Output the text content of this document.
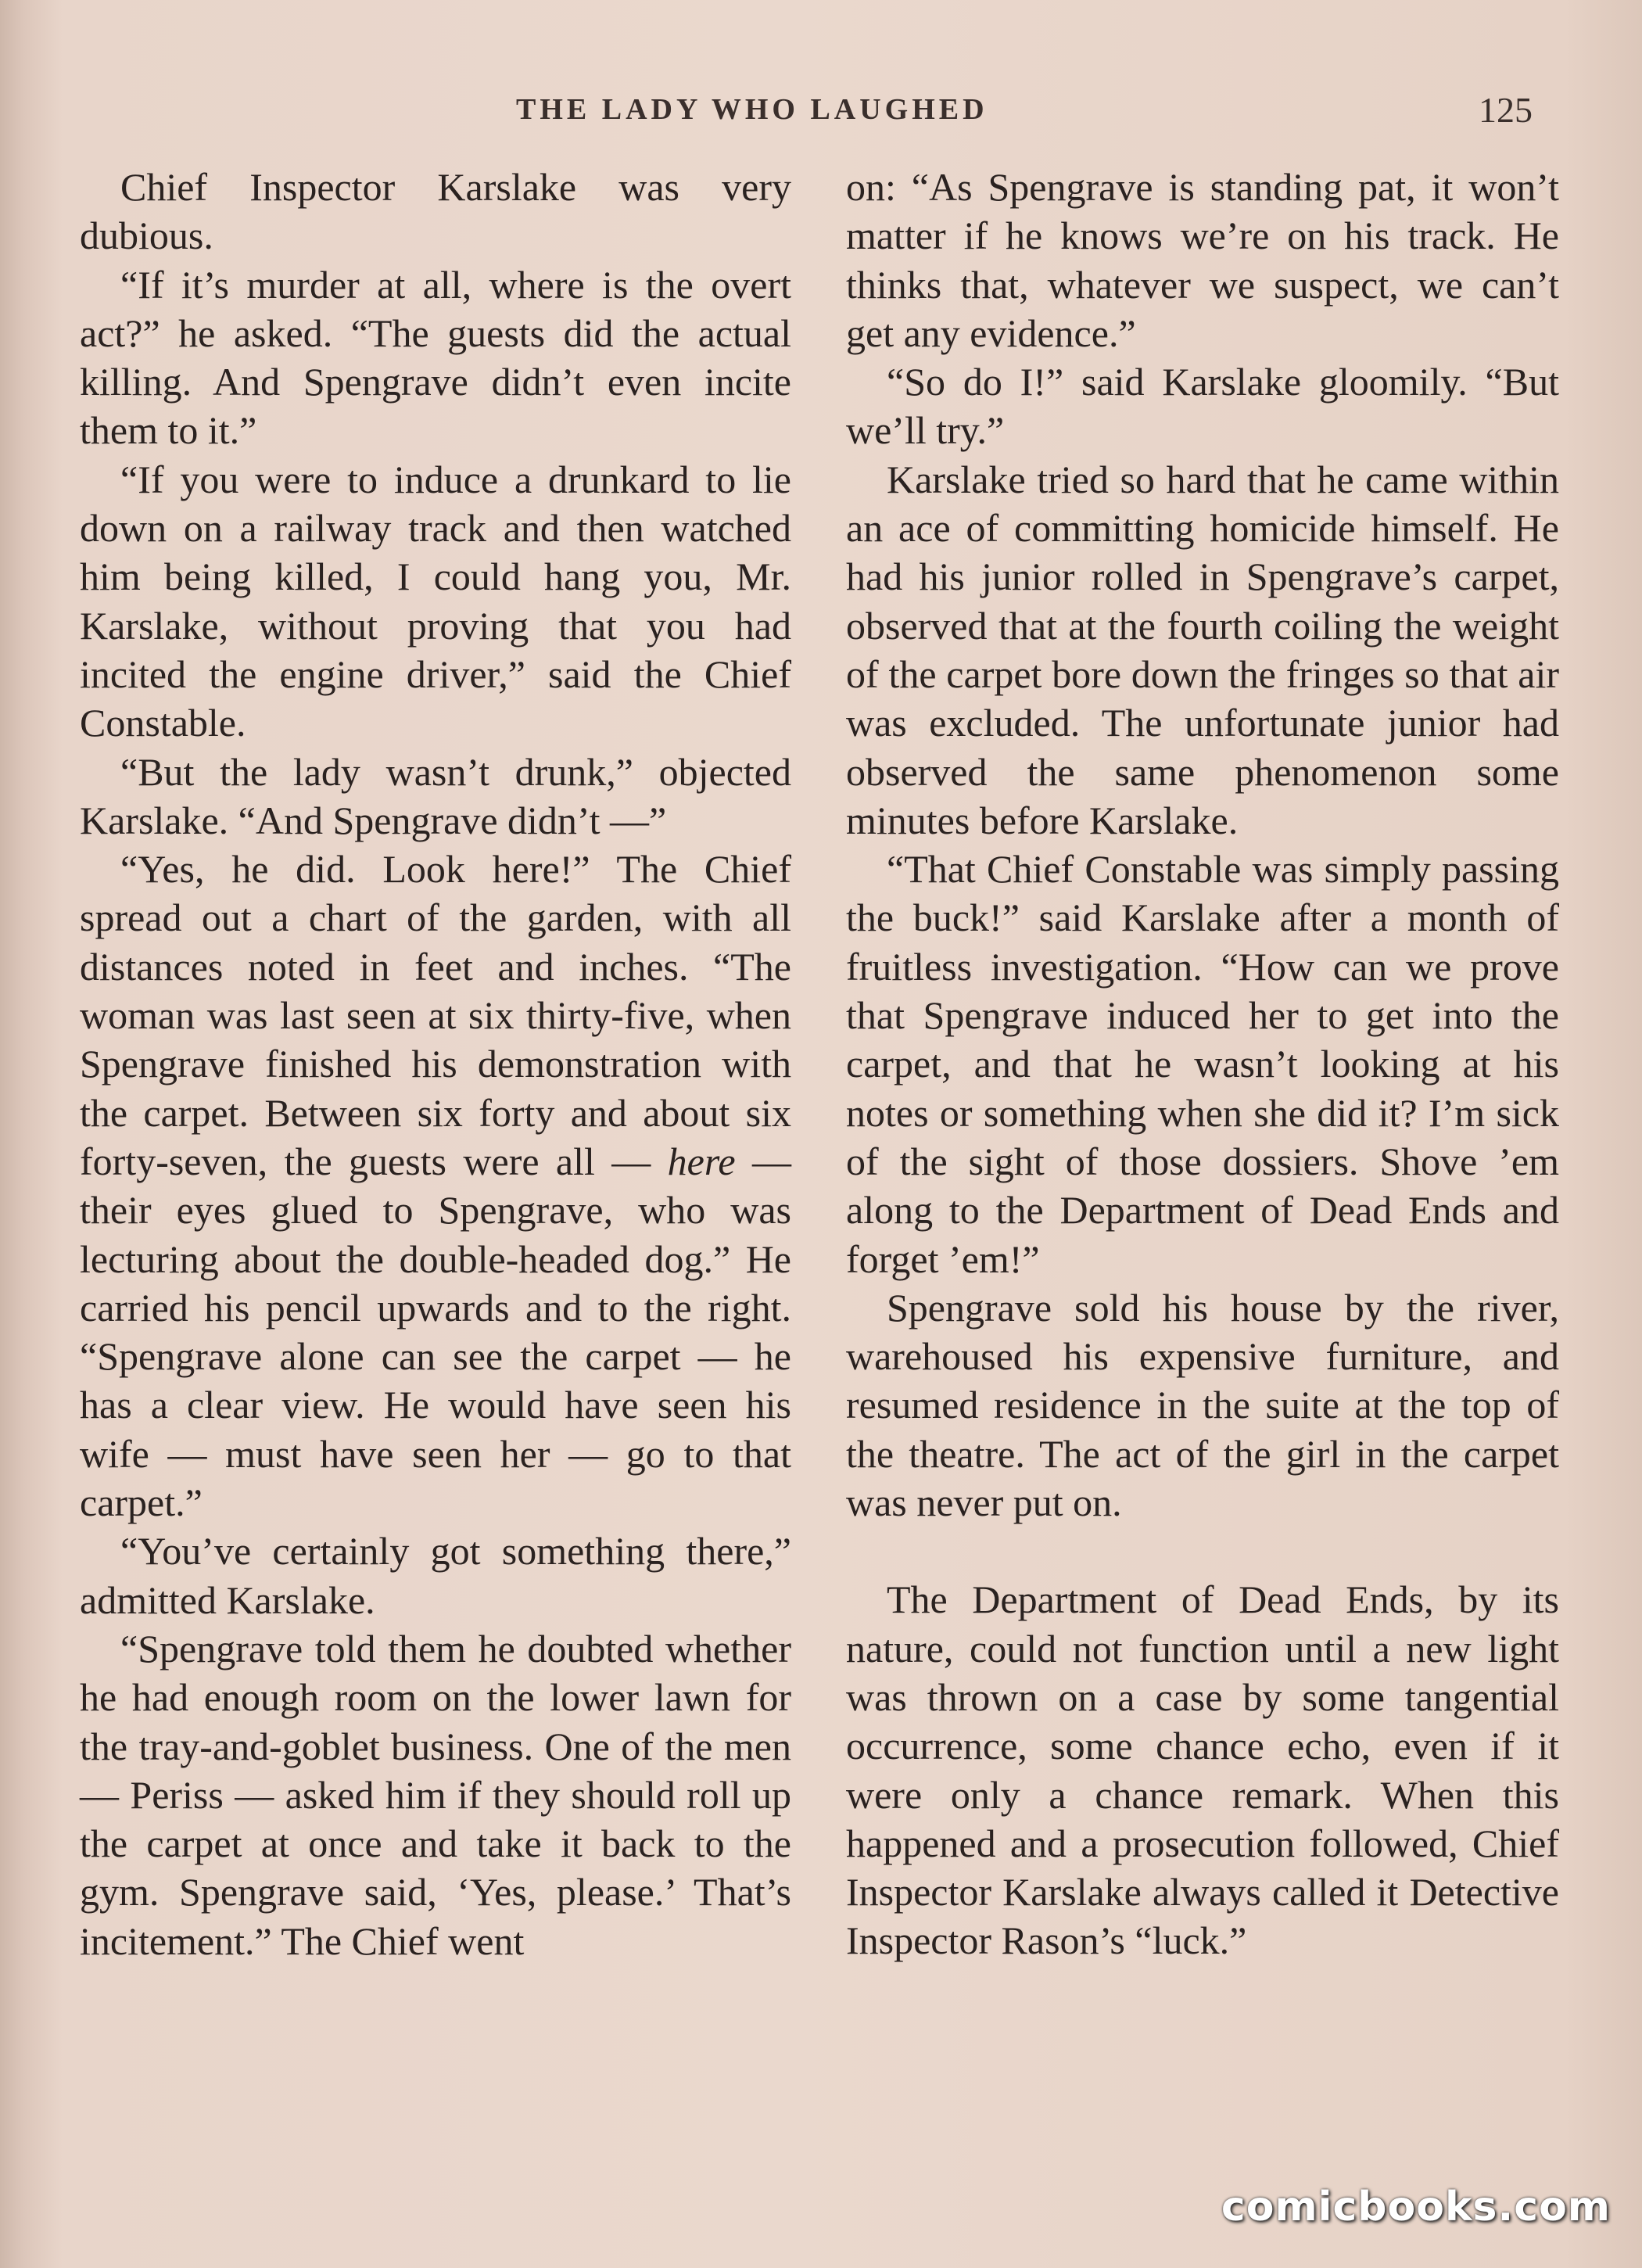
THE LADY WHO LAUGHED	125

Chief Inspector Karslake was very dubious.

“If it’s murder at all, where is the overt act?” he asked. “The guests did the actual killing. And Spengrave didn’t even incite them to it.”

“If you were to induce a drunkard to lie down on a railway track and then watched him being killed, I could hang you, Mr. Karslake, without proving that you had incited the engine driver,” said the Chief Constable.

“But the lady wasn’t drunk,” objected Karslake. “And Spengrave didn’t —”

“Yes, he did. Look here!” The Chief spread out a chart of the garden, with all distances noted in feet and inches. “The woman was last seen at six thirty-five, when Spengrave finished his demonstration with the carpet. Between six forty and about six forty-seven, the guests were all — here — their eyes glued to Spengrave, who was lecturing about the double-headed dog.” He carried his pencil upwards and to the right. “Spengrave alone can see the carpet — he has a clear view. He would have seen his wife — must have seen her — go to that carpet.”

“You’ve certainly got something there,” admitted Karslake.

“Spengrave told them he doubted whether he had enough room on the lower lawn for the tray-and-goblet business. One of the men — Periss — asked him if they should roll up the carpet at once and take it back to the gym. Spengrave said, ‘Yes, please.’ That’s incitement.” The Chief went

on: “As Spengrave is standing pat, it won’t matter if he knows we’re on his track. He thinks that, whatever we suspect, we can’t get any evidence.”

“So do I!” said Karslake gloomily. “But we’ll try.”

Karslake tried so hard that he came within an ace of committing homicide himself. He had his junior rolled in Spengrave’s carpet, observed that at the fourth coiling the weight of the carpet bore down the fringes so that air was excluded. The unfortunate junior had observed the same phenomenon some minutes before Karslake.

“That Chief Constable was simply passing the buck!” said Karslake after a month of fruitless investigation. “How can we prove that Spengrave induced her to get into the carpet, and that he wasn’t looking at his notes or something when she did it? I’m sick of the sight of those dossiers. Shove ’em along to the Department of Dead Ends and forget ’em!”

Spengrave sold his house by the river, warehoused his expensive furniture, and resumed residence in the suite at the top of the theatre. The act of the girl in the carpet was never put on.

The Department of Dead Ends, by its nature, could not function until a new light was thrown on a case by some tangential occurrence, some chance echo, even if it were only a chance remark. When this happened and a prosecution followed, Chief Inspector Karslake always called it Detective Inspector Rason’s “luck.”

comicbooks.com
